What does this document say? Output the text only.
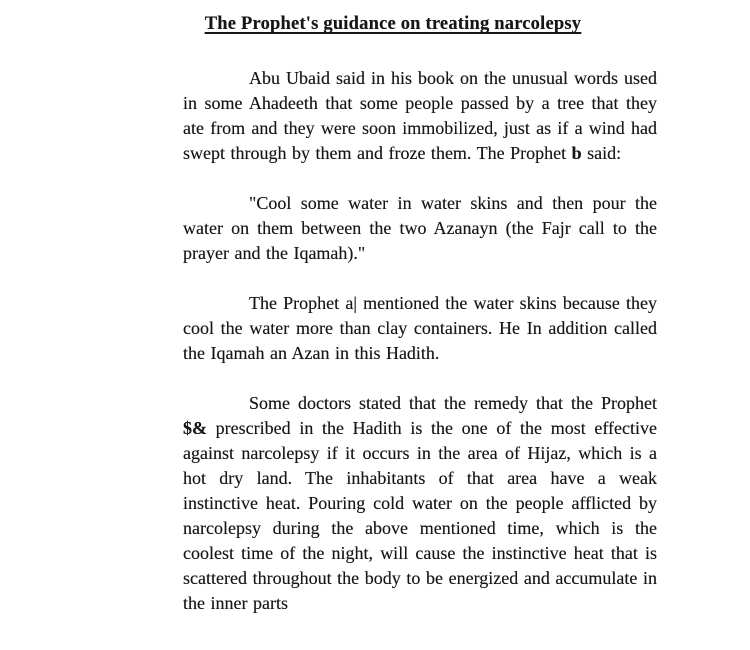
The Prophet's guidance on treating narcolepsy

Abu Ubaid said in his book on the unusual words used in some Ahadeeth that some people passed by a tree that they ate from and they were soon immobilized, just as if a wind had swept through by them and froze them. The Prophet b said:

"Cool some water in water skins and then pour the water on them between the two Azanayn (the Fajr call to the prayer and the Iqamah)."

The Prophet a| mentioned the water skins because they cool the water more than clay containers. He In addition called the Iqamah an Azan in this Hadith.

Some doctors stated that the remedy that the Prophet $& prescribed in the Hadith is the one of the most effective against narcolepsy if it occurs in the area of Hijaz, which is a hot dry land. The inhabitants of that area have a weak instinctive heat. Pouring cold water on the people afflicted by narcolepsy during the above mentioned time, which is the coolest time of the night, will cause the instinctive heat that is scattered throughout the body to be energized and accumulate in the inner parts
